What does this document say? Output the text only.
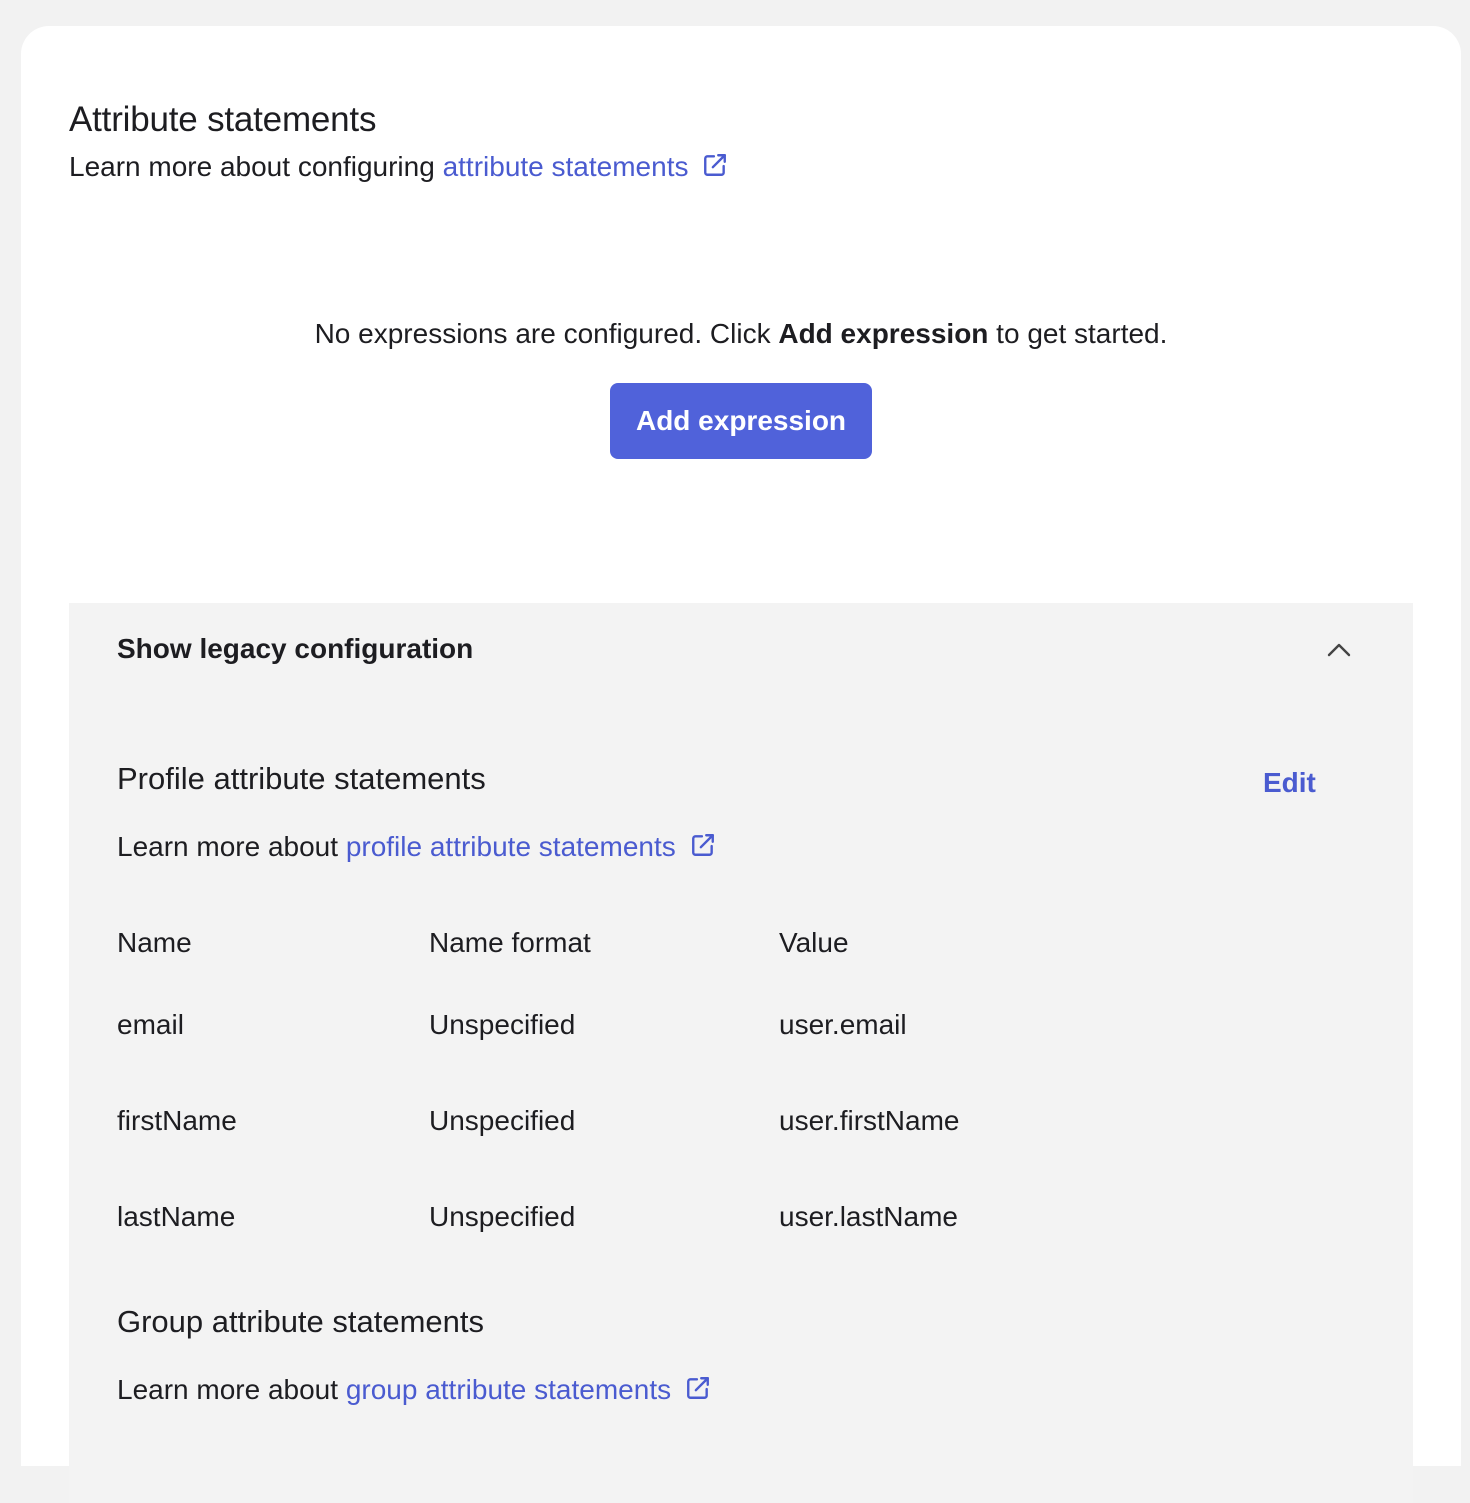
Attribute statements
Learn more about configuring attribute statements
No expressions are configured. Click Add expression to get started.
Add expression
Show legacy configuration
Profile attribute statements	Edit
Learn more about profile attribute statements
Name	Name format	Value
email	Unspecified	user.email
firstName	Unspecified	user.firstName
lastName	Unspecified	user.lastName
Group attribute statements
Learn more about group attribute statements
